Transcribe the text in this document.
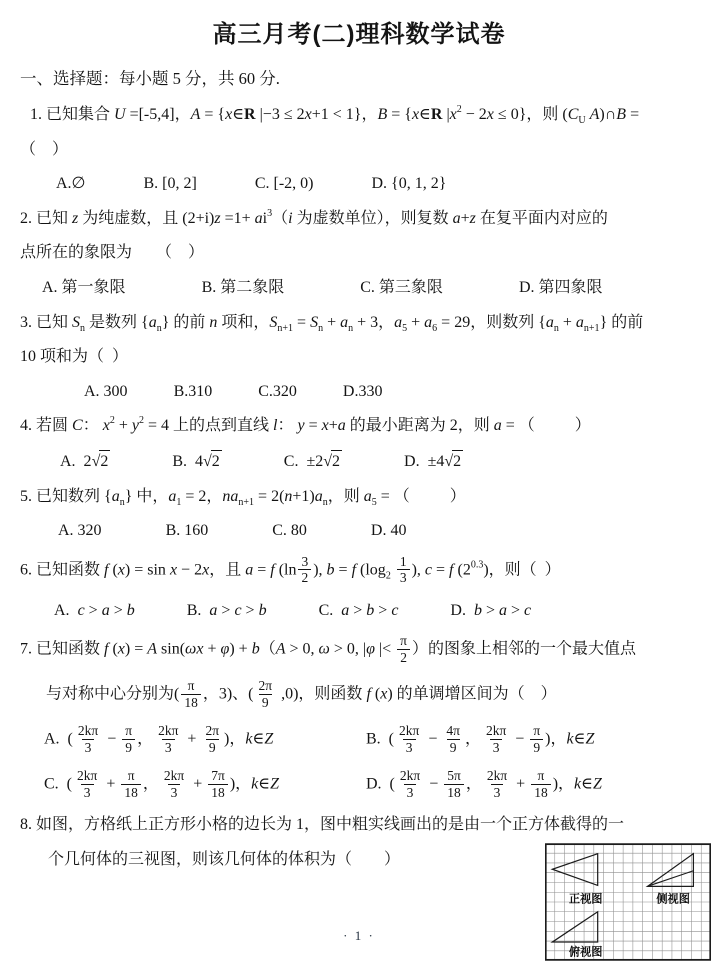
高三月考(二)理科数学试卷
一、选择题：每小题 5 分，共 60 分.
1. 已知集合 U =[-5,4]，A = {x∈R |−3 ≤ 2x+1 < 1}，B = {x∈R $|x^2 - 2x \le 0$}，则 ($C_U$ A)∩B =
（    ）
A.∅	B. [0, 2]	C. [-2, 0)	D. {0, 1, 2}
2. 已知 z 为纯虚数，且 $(2+i)z =1+ ai^3(i$ 为虚数单位），则复数 a+z 在复平面内对应的
点所在的象限为      （    ）
A. 第一象限	B. 第二象限	C. 第三象限	D. 第四象限
3. 已知 $S_n$ 是数列 $\{a_n\}$ 的前 n 项和，$S_{n+1} = S_n + a_n + 3$，$a_5 + a_6 = 29$，则数列 $\{a_n + a_{n+1}\}$ 的前
10 项和为（  ）
A. 300	B.310	C.320	D.330
4. 若圆 C： $x^2 + y^2 = 4$ 上的点到直线 l： y = x+a 的最小距离为 2，则 a = （          ）
A.  2√2	B.  4√2	C.  ±2√2	D.  ±4√2
5. 已知数列 $\{a_n\}$ 中，$a_1 = 2$，$na_{n+1} = 2(n+1)a_n$，则 $a_5$ = （          ）
A. 320	B. 160	C. 80	D. 40
6. 已知函数 f (x) = sin x − 2x，且 a = f ($\ln \frac{3}{2}$ ), b = f ($\log_2 \frac{1}{3}$ ), c = f $(2^{0.3})$，则（  ）
A.  c > a > b	B.  a > c > b	C.  a > b > c	D.  b > a > c
7. 已知函数 f (x) = A sin(ωx + φ) + b（A > 0, ω > 0, |φ |< $\frac{\pi}{2}$ ）的图象上相邻的一个最大值点
与对称中心分别为( $\frac{\pi}{18}$ ，3)、( $\frac{2\pi}{9} ,0$)，则函数 f (x) 的单调增区间为（    ）
A.  ( $\frac{2k\pi}{3} - \frac{\pi}{9}$ ， $\frac{2k\pi}{3} + \frac{2\pi}{9}$ )，k∈Z	B.  ( $\frac{2k\pi}{3} - \frac{4\pi}{9}$ ， $\frac{2k\pi}{3} - \frac{\pi}{9}$ )，k∈Z
C.  ( $\frac{2k\pi}{3} + \frac{\pi}{18}$ ， $\frac{2k\pi}{3} + \frac{7\pi}{18}$ )，k∈Z	D.  ( $\frac{2k\pi}{3} - \frac{5\pi}{18}$ ， $\frac{2k\pi}{3} + \frac{\pi}{18}$ )，k∈Z
8. 如图，方格纸上正方形小格的边长为 1，图中粗实线画出的是由一个正方体截得的一
个几何体的三视图，则该几何体的体积为（        ）
正视图	侧视图
俯视图
· 1 ·
